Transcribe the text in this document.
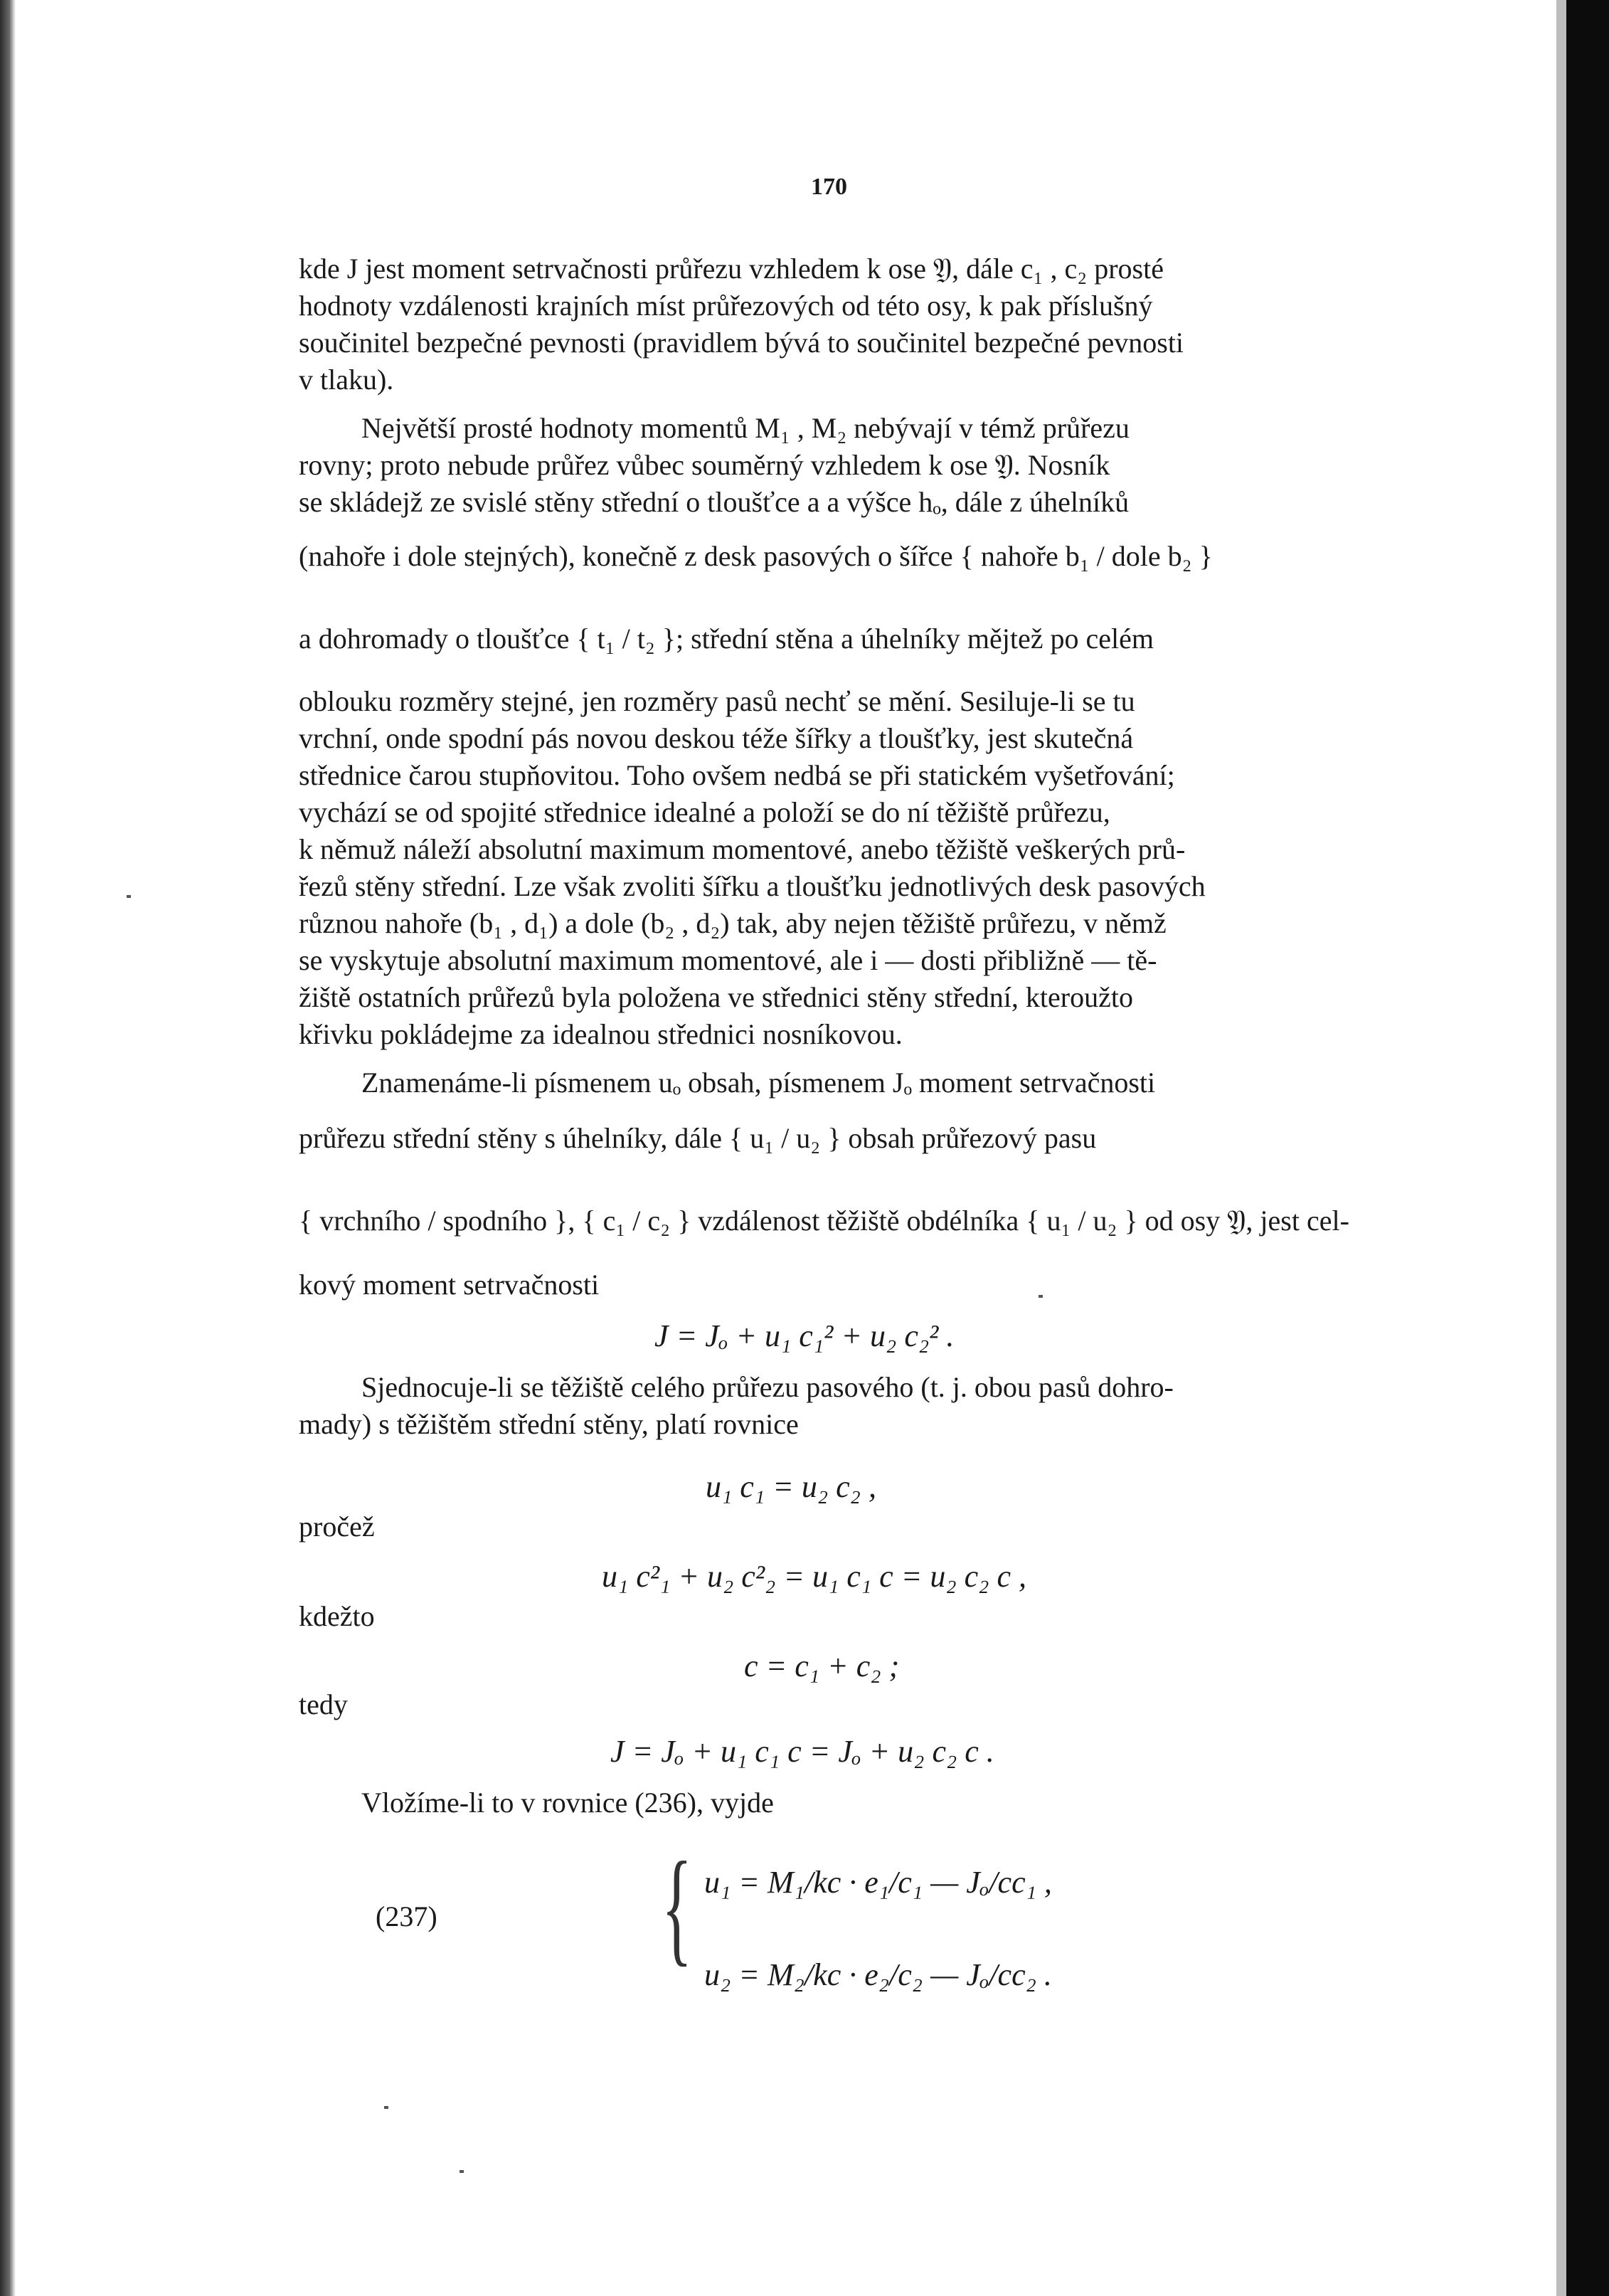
170
kde J jest moment setrvačnosti průřezu vzhledem k ose 𝔜, dále c₁ , c₂ prosté
hodnoty vzdálenosti krajních míst průřezových od této osy, k pak příslušný
součinitel bezpečné pevnosti (pravidlem bývá to součinitel bezpečné pevnosti
v tlaku).
Největší prosté hodnoty momentů M₁ , M₂ nebývají v témž průřezu
rovny; proto nebude průřez vůbec souměrný vzhledem k ose 𝔜. Nosník
se skládejž ze svislé stěny střední o tloušťce a a výšce hₒ, dále z úhelníků
(nahoře i dole stejných), konečně z desk pasových o šířce { nahoře b₁ / dole b₂ }
a dohromady o tloušťce { t₁ / t₂ }; střední stěna a úhelníky mějtež po celém
oblouku rozměry stejné, jen rozměry pasů nechť se mění. Sesiluje-li se tu
vrchní, onde spodní pás novou deskou téže šířky a tloušťky, jest skutečná
střednice čarou stupňovitou. Toho ovšem nedbá se při statickém vyšetřování;
vychází se od spojité střednice idealné a položí se do ní těžiště průřezu,
k němuž náleží absolutní maximum momentové, anebo těžiště veškerých prů-
řezů stěny střední. Lze však zvoliti šířku a tloušťku jednotlivých desk pasových
různou nahoře (b₁ , d₁) a dole (b₂ , d₂) tak, aby nejen těžiště průřezu, v němž
se vyskytuje absolutní maximum momentové, ale i — dosti přibližně — tě-
žiště ostatních průřezů byla položena ve střednici stěny střední, kteroužto
křivku pokládejme za idealnou střednici nosníkovou.
Znamenáme-li písmenem uₒ obsah, písmenem Jₒ moment setrvačnosti
průřezu střední stěny s úhelníky, dále { u₁ / u₂ } obsah průřezový pasu
{ vrchního / spodního }, { c₁ / c₂ } vzdálenost těžiště obdélníka { u₁ / u₂ } od osy 𝔜, jest cel-
kový moment setrvačnosti
J = Jₒ + u₁ c₁² + u₂ c₂² .
Sjednocuje-li se těžiště celého průřezu pasového (t. j. obou pasů dohro-
mady) s těžištěm střední stěny, platí rovnice
u₁ c₁ = u₂ c₂ ,
pročež
u₁ c²₁ + u₂ c²₂ = u₁ c₁ c = u₂ c₂ c ,
kdežto
c = c₁ + c₂ ;
tedy
J = Jₒ + u₁ c₁ c = Jₒ + u₂ c₂ c .
Vložíme-li to v rovnice (236), vyjde
(237) { u₁ = M₁/kc · e₁/c₁ — Jₒ/cc₁ ,
u₂ = M₂/kc · e₂/c₂ — Jₒ/cc₂ .
